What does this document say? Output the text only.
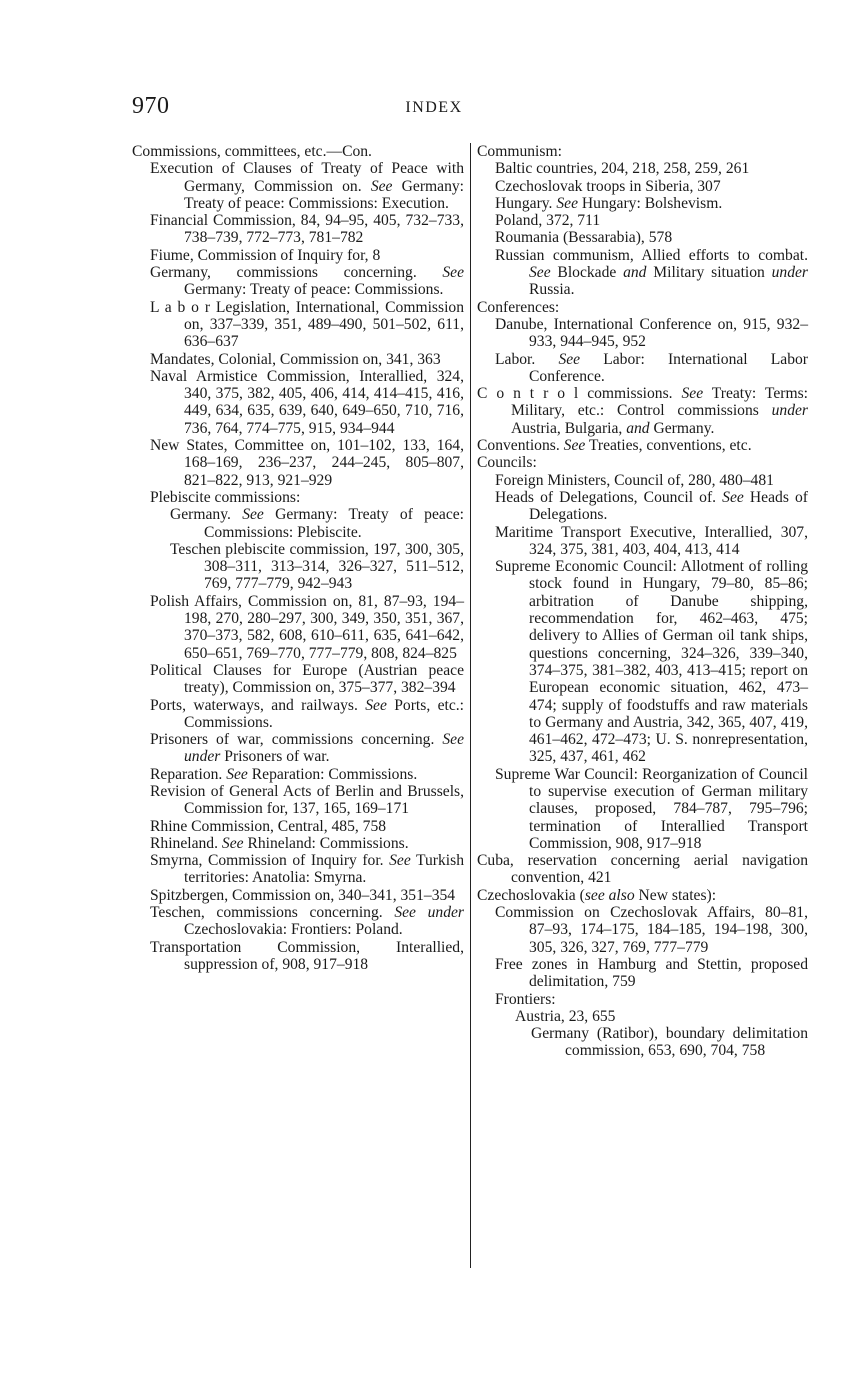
970	INDEX
Commissions, committees, etc.—Con.
Execution of Clauses of Treaty of Peace with Germany, Commission on. See Germany: Treaty of peace: Commissions: Execution.
Financial Commission, 84, 94–95, 405, 732–733, 738–739, 772–773, 781–782
Fiume, Commission of Inquiry for, 8
Germany, commissions concerning. See Germany: Treaty of peace: Commissions.
L a b o r Legislation, International, Commission on, 337–339, 351, 489–490, 501–502, 611, 636–637
Mandates, Colonial, Commission on, 341, 363
Naval Armistice Commission, Interallied, 324, 340, 375, 382, 405, 406, 414, 414–415, 416, 449, 634, 635, 639, 640, 649–650, 710, 716, 736, 764, 774–775, 915, 934–944
New States, Committee on, 101–102, 133, 164, 168–169, 236–237, 244–245, 805–807, 821–822, 913, 921–929
Plebiscite commissions:
Germany. See Germany: Treaty of peace: Commissions: Plebiscite.
Teschen plebiscite commission, 197, 300, 305, 308–311, 313–314, 326–327, 511–512, 769, 777–779, 942–943
Polish Affairs, Commission on, 81, 87–93, 194–198, 270, 280–297, 300, 349, 350, 351, 367, 370–373, 582, 608, 610–611, 635, 641–642, 650–651, 769–770, 777–779, 808, 824–825
Political Clauses for Europe (Austrian peace treaty), Commission on, 375–377, 382–394
Ports, waterways, and railways. See Ports, etc.: Commissions.
Prisoners of war, commissions concerning. See under Prisoners of war.
Reparation. See Reparation: Commissions.
Revision of General Acts of Berlin and Brussels, Commission for, 137, 165, 169–171
Rhine Commission, Central, 485, 758
Rhineland. See Rhineland: Commissions.
Smyrna, Commission of Inquiry for. See Turkish territories: Anatolia: Smyrna.
Spitzbergen, Commission on, 340–341, 351–354
Teschen, commissions concerning. See under Czechoslovakia: Frontiers: Poland.
Transportation Commission, Interallied, suppression of, 908, 917–918
Communism:
Baltic countries, 204, 218, 258, 259, 261
Czechoslovak troops in Siberia, 307
Hungary. See Hungary: Bolshevism.
Poland, 372, 711
Roumania (Bessarabia), 578
Russian communism, Allied efforts to combat. See Blockade and Military situation under Russia.
Conferences:
Danube, International Conference on, 915, 932–933, 944–945, 952
Labor. See Labor: International Labor Conference.
C o n t r o l commissions. See Treaty: Terms: Military, etc.: Control commissions under Austria, Bulgaria, and Germany.
Conventions. See Treaties, conventions, etc.
Councils:
Foreign Ministers, Council of, 280, 480–481
Heads of Delegations, Council of. See Heads of Delegations.
Maritime Transport Executive, Interallied, 307, 324, 375, 381, 403, 404, 413, 414
Supreme Economic Council: Allotment of rolling stock found in Hungary, 79–80, 85–86; arbitration of Danube shipping, recommendation for, 462–463, 475; delivery to Allies of German oil tank ships, questions concerning, 324–326, 339–340, 374–375, 381–382, 403, 413–415; report on European economic situation, 462, 473–474; supply of foodstuffs and raw materials to Germany and Austria, 342, 365, 407, 419, 461–462, 472–473; U. S. nonrepresentation, 325, 437, 461, 462
Supreme War Council: Reorganization of Council to supervise execution of German military clauses, proposed, 784–787, 795–796; termination of Interallied Transport Commission, 908, 917–918
Cuba, reservation concerning aerial navigation convention, 421
Czechoslovakia (see also New states):
Commission on Czechoslovak Affairs, 80–81, 87–93, 174–175, 184–185, 194–198, 300, 305, 326, 327, 769, 777–779
Free zones in Hamburg and Stettin, proposed delimitation, 759
Frontiers:
Austria, 23, 655
Germany (Ratibor), boundary delimitation commission, 653, 690, 704, 758
